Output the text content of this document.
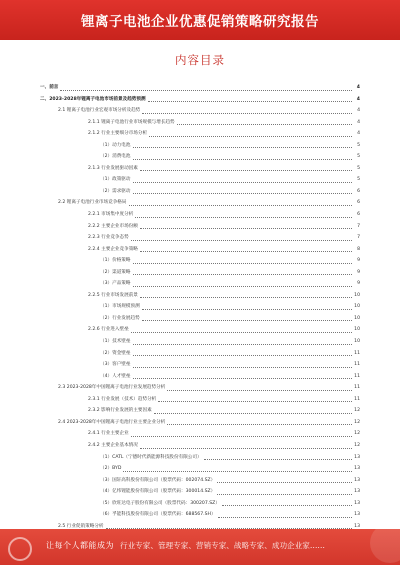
锂离子电池企业优惠促销策略研究报告
内容目录
一、前言	4
二、2023-2028年锂离子电池市场前景及趋势预测	4
2.1 锂离子电池行业宏观市场分析及趋势	4
2.1.1 锂离子电池行业市场规模与增长趋势	4
2.1.2 行业主要细分市场分析	4
（1）动力电池	5
（2）消费电池	5
2.1.3 行业发展驱动因素	5
（1）政策驱动	5
（2）需求驱动	6
2.2 锂离子电池行业市场竞争格局	6
2.2.1 市场集中度分析	6
2.2.2 主要企业市场份额	7
2.2.3 行业竞争态势	7
2.2.4 主要企业竞争策略	8
（1）价格策略	9
（2）渠道策略	9
（3）产品策略	9
2.2.5 行业市场发展前景	10
（1）市场规模预测	10
（2）行业发展趋势	10
2.2.6 行业进入壁垒	10
（1）技术壁垒	10
（2）资金壁垒	11
（3）客户壁垒	11
（4）人才壁垒	11
2.3 2023-2028年中国锂离子电池行业发展趋势分析	11
2.3.1 行业发展（技术）趋势分析	11
2.3.2 影响行业发展的主要因素	12
2.4 2023-2028年中国锂离子电池行业主要企业分析	12
2.4.1 行业主要企业	12
2.4.2 主要企业基本情况	12
（1）CATL（宁德时代新能源科技股份有限公司）	13
（2）BYD	13
（3）国轩高科股份有限公司（股票代码：002074.SZ）	13
（4）亿纬锂能股份有限公司（股票代码：300014.SZ）	13
（5）欣旺达电子股份有限公司（股票代码：300207.SZ）	13
（6）孚能科技股份有限公司（股票代码：688567.SH）	13
2.5 行业促销策略分析	13
让每个人都能成为 行业专家、管理专家、营销专家、战略专家、成功企业家……
